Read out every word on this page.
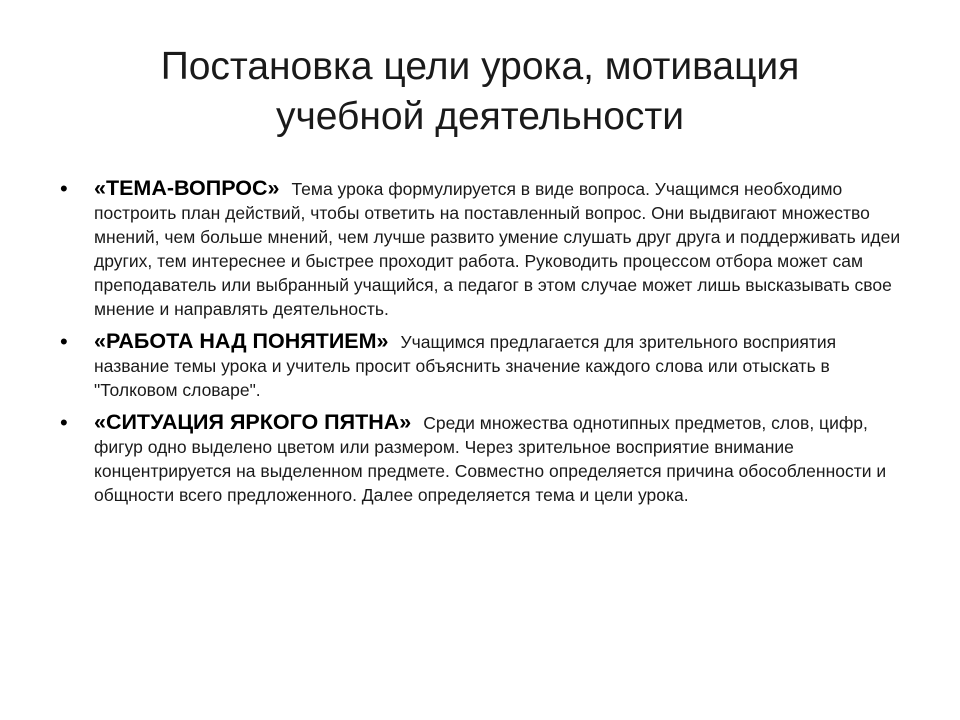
Постановка цели урока, мотивация
учебной деятельности
• «ТЕМА-ВОПРОС» Тема урока формулируется в виде вопроса. Учащимся необходимо построить план действий, чтобы ответить на поставленный вопрос. Они выдвигают множество мнений, чем больше мнений, чем лучше развито умение слушать друг друга и поддерживать идеи других, тем интереснее и быстрее проходит работа. Руководить процессом отбора может сам преподаватель или выбранный учащийся, а педагог в этом случае может лишь высказывать свое мнение и направлять деятельность.
• «РАБОТА НАД ПОНЯТИЕМ» Учащимся предлагается для зрительного восприятия название темы урока и учитель просит объяснить значение каждого слова или отыскать в "Толковом словаре".
• «СИТУАЦИЯ ЯРКОГО ПЯТНА» Среди множества однотипных предметов, слов, цифр, фигур одно выделено цветом или размером. Через зрительное восприятие внимание концентрируется на выделенном предмете. Совместно определяется причина обособленности и общности всего предложенного. Далее определяется тема и цели урока.
